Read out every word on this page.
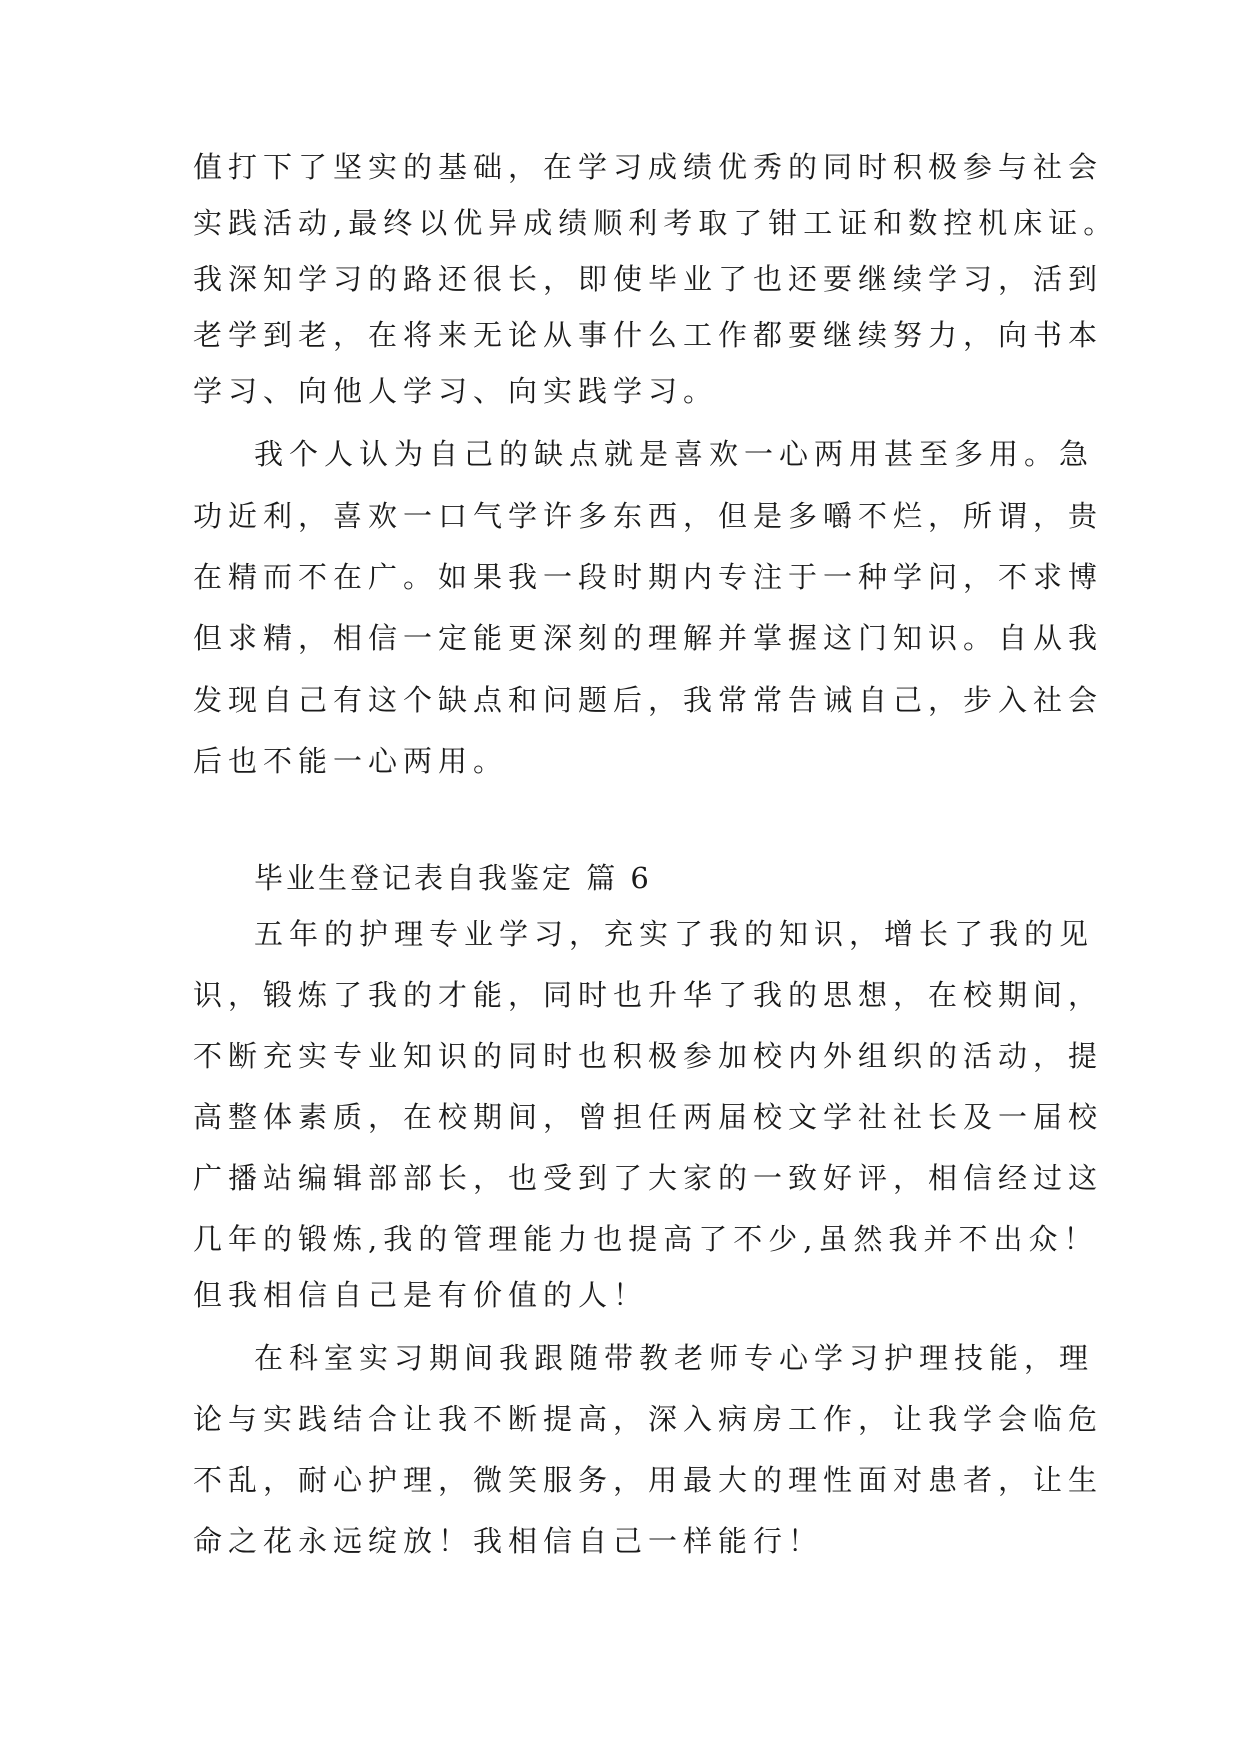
值打下了坚实的基础，在学习成绩优秀的同时积极参与社会
实践活动,最终以优异成绩顺利考取了钳工证和数控机床证。
我深知学习的路还很长，即使毕业了也还要继续学习，活到
老学到老，在将来无论从事什么工作都要继续努力，向书本
学习、向他人学习、向实践学习。
我个人认为自己的缺点就是喜欢一心两用甚至多用。急
功近利，喜欢一口气学许多东西，但是多嚼不烂，所谓，贵
在精而不在广。如果我一段时期内专注于一种学问，不求博
但求精，相信一定能更深刻的理解并掌握这门知识。自从我
发现自己有这个缺点和问题后，我常常告诫自己，步入社会
后也不能一心两用。
毕业生登记表自我鉴定 篇 6
五年的护理专业学习，充实了我的知识，增长了我的见
识，锻炼了我的才能，同时也升华了我的思想，在校期间，
不断充实专业知识的同时也积极参加校内外组织的活动，提
高整体素质，在校期间，曾担任两届校文学社社长及一届校
广播站编辑部部长，也受到了大家的一致好评，相信经过这
几年的锻炼,我的管理能力也提高了不少,虽然我并不出众！
但我相信自己是有价值的人！
在科室实习期间我跟随带教老师专心学习护理技能，理
论与实践结合让我不断提高，深入病房工作，让我学会临危
不乱，耐心护理，微笑服务，用最大的理性面对患者，让生
命之花永远绽放！我相信自己一样能行！
